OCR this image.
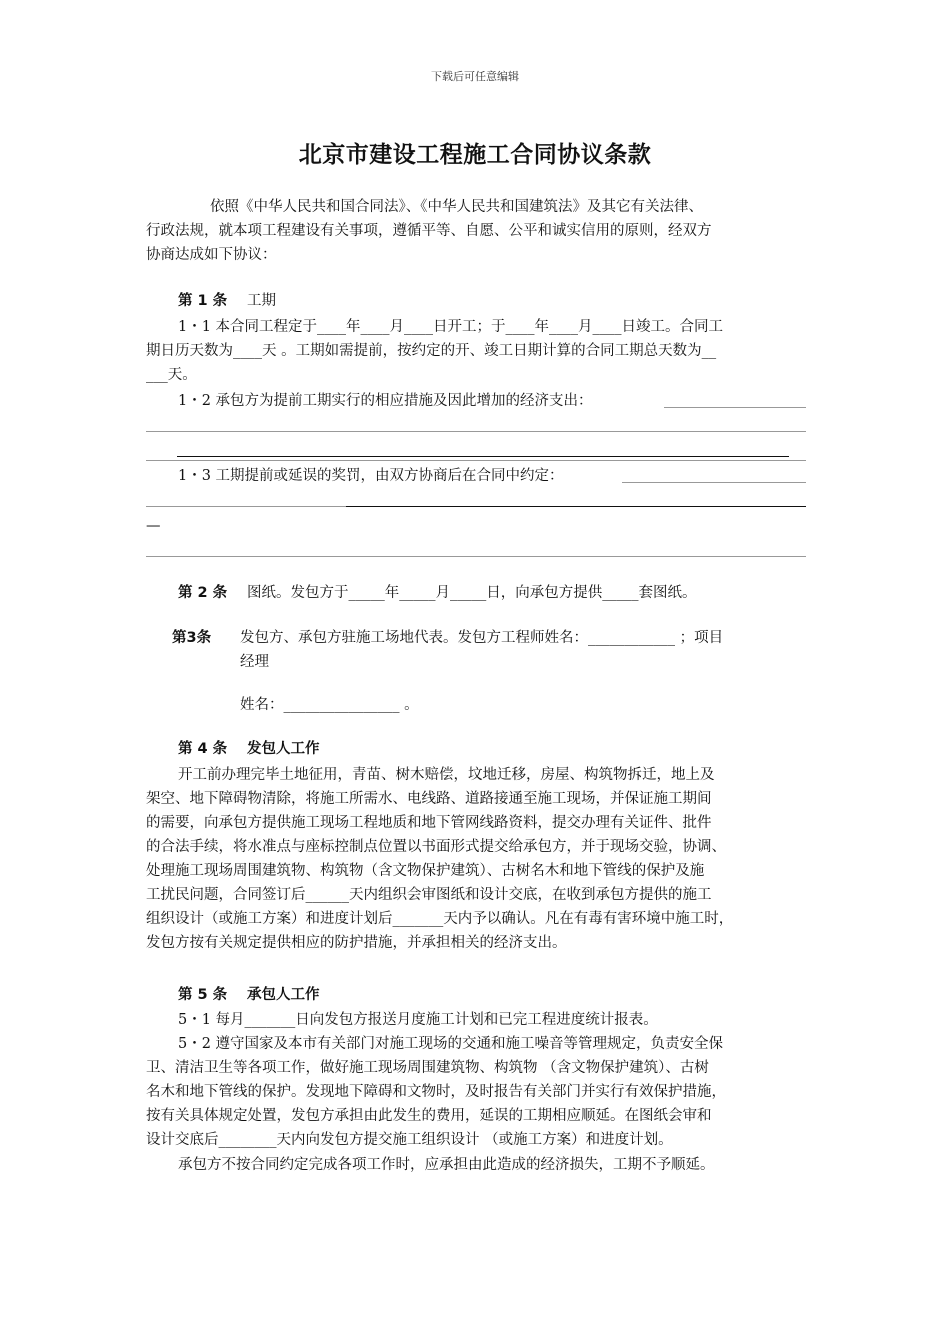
下载后可任意编辑
北京市建设工程施工合同协议条款
依照《中华人民共和国合同法》、《中华人民共和国建筑法》及其它有关法律、
行政法规，就本项工程建设有关事项，遵循平等、自愿、公平和诚实信用的原则，经双方
协商达成如下协议：
第 1 条 工期
1・1 本合同工程定于____年____月____日开工；于____年____月____日竣工。合同工
期日历天数为____天 。工期如需提前，按约定的开、竣工日期计算的合同工期总天数为__
___天。
1・2 承包方为提前工期实行的相应措施及因此增加的经济支出：
1・3 工期提前或延误的奖罚，由双方协商后在合同中约定：
—
第 2 条 图纸。发包方于_____年_____月_____日，向承包方提供_____套图纸。
第3条 发包方、承包方驻施工场地代表。发包方工程师姓名：____________ ；项目
经理
姓名：________________ 。
第 4 条 发包人工作
开工前办理完毕土地征用，青苗、树木赔偿，坟地迁移，房屋、构筑物拆迁，地上及
架空、地下障碍物清除，将施工所需水、电线路、道路接通至施工现场，并保证施工期间
的需要，向承包方提供施工现场工程地质和地下管网线路资料，提交办理有关证件、批件
的合法手续，将水准点与座标控制点位置以书面形式提交给承包方，并于现场交验，协调、
处理施工现场周围建筑物、构筑物（含文物保护建筑）、古树名木和地下管线的保护及施
工扰民问题，合同签订后______天内组织会审图纸和设计交底，在收到承包方提供的施工
组织设计（或施工方案）和进度计划后_______天内予以确认。凡在有毒有害环境中施工时，
发包方按有关规定提供相应的防护措施，并承担相关的经济支出。
第 5 条 承包人工作
5・1 每月_______日向发包方报送月度施工计划和已完工程进度统计报表。
5・2 遵守国家及本市有关部门对施工现场的交通和施工噪音等管理规定，负责安全保
卫、清洁卫生等各项工作，做好施工现场周围建筑物、构筑物 （含文物保护建筑）、古树
名木和地下管线的保护。发现地下障碍和文物时，及时报告有关部门并实行有效保护措施，
按有关具体规定处置，发包方承担由此发生的费用，延误的工期相应顺延。在图纸会审和
设计交底后________天内向发包方提交施工组织设计 （或施工方案）和进度计划。
承包方不按合同约定完成各项工作时，应承担由此造成的经济损失，工期不予顺延。
